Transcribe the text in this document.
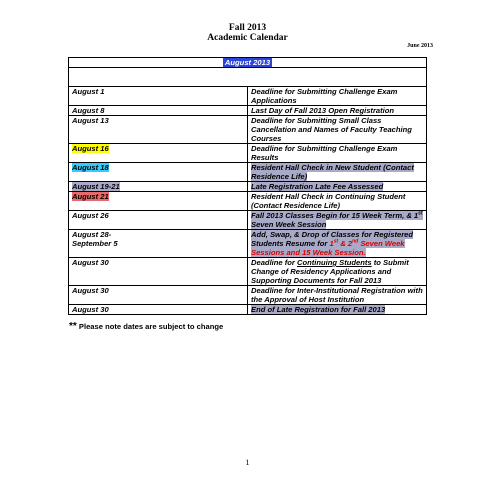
Fall 2013
Academic Calendar
June 2013
August 2013	

August 1	Deadline for Submitting Challenge Exam Applications
August 8	Last Day of Fall 2013 Open Registration
August 13	Deadline for Submitting Small Class Cancellation and Names of Faculty Teaching Courses
August 16	Deadline for Submitting Challenge Exam Results
August 18	Resident Hall Check in New Student (Contact Residence Life)
August 19-21	Late Registration Late Fee Assessed
August 21	Resident Hall Check in Continuing Student (Contact Residence Life)
August 26	Fall 2013 Classes Begin for 15 Week Term, & 1st Seven Week Session
August 28-
September 5	Add, Swap, & Drop of Classes for Registered Students Resume for 1st & 2nd Seven Week Sessions and 15 Week Session.
August 30	Deadline for Continuing Students to Submit Change of Residency Applications and Supporting Documents for Fall 2013
August 30	Deadline for Inter-Institutional Registration with the Approval of Host Institution
August 30	End of Late Registration for Fall 2013
** Please note dates are subject to change
1
